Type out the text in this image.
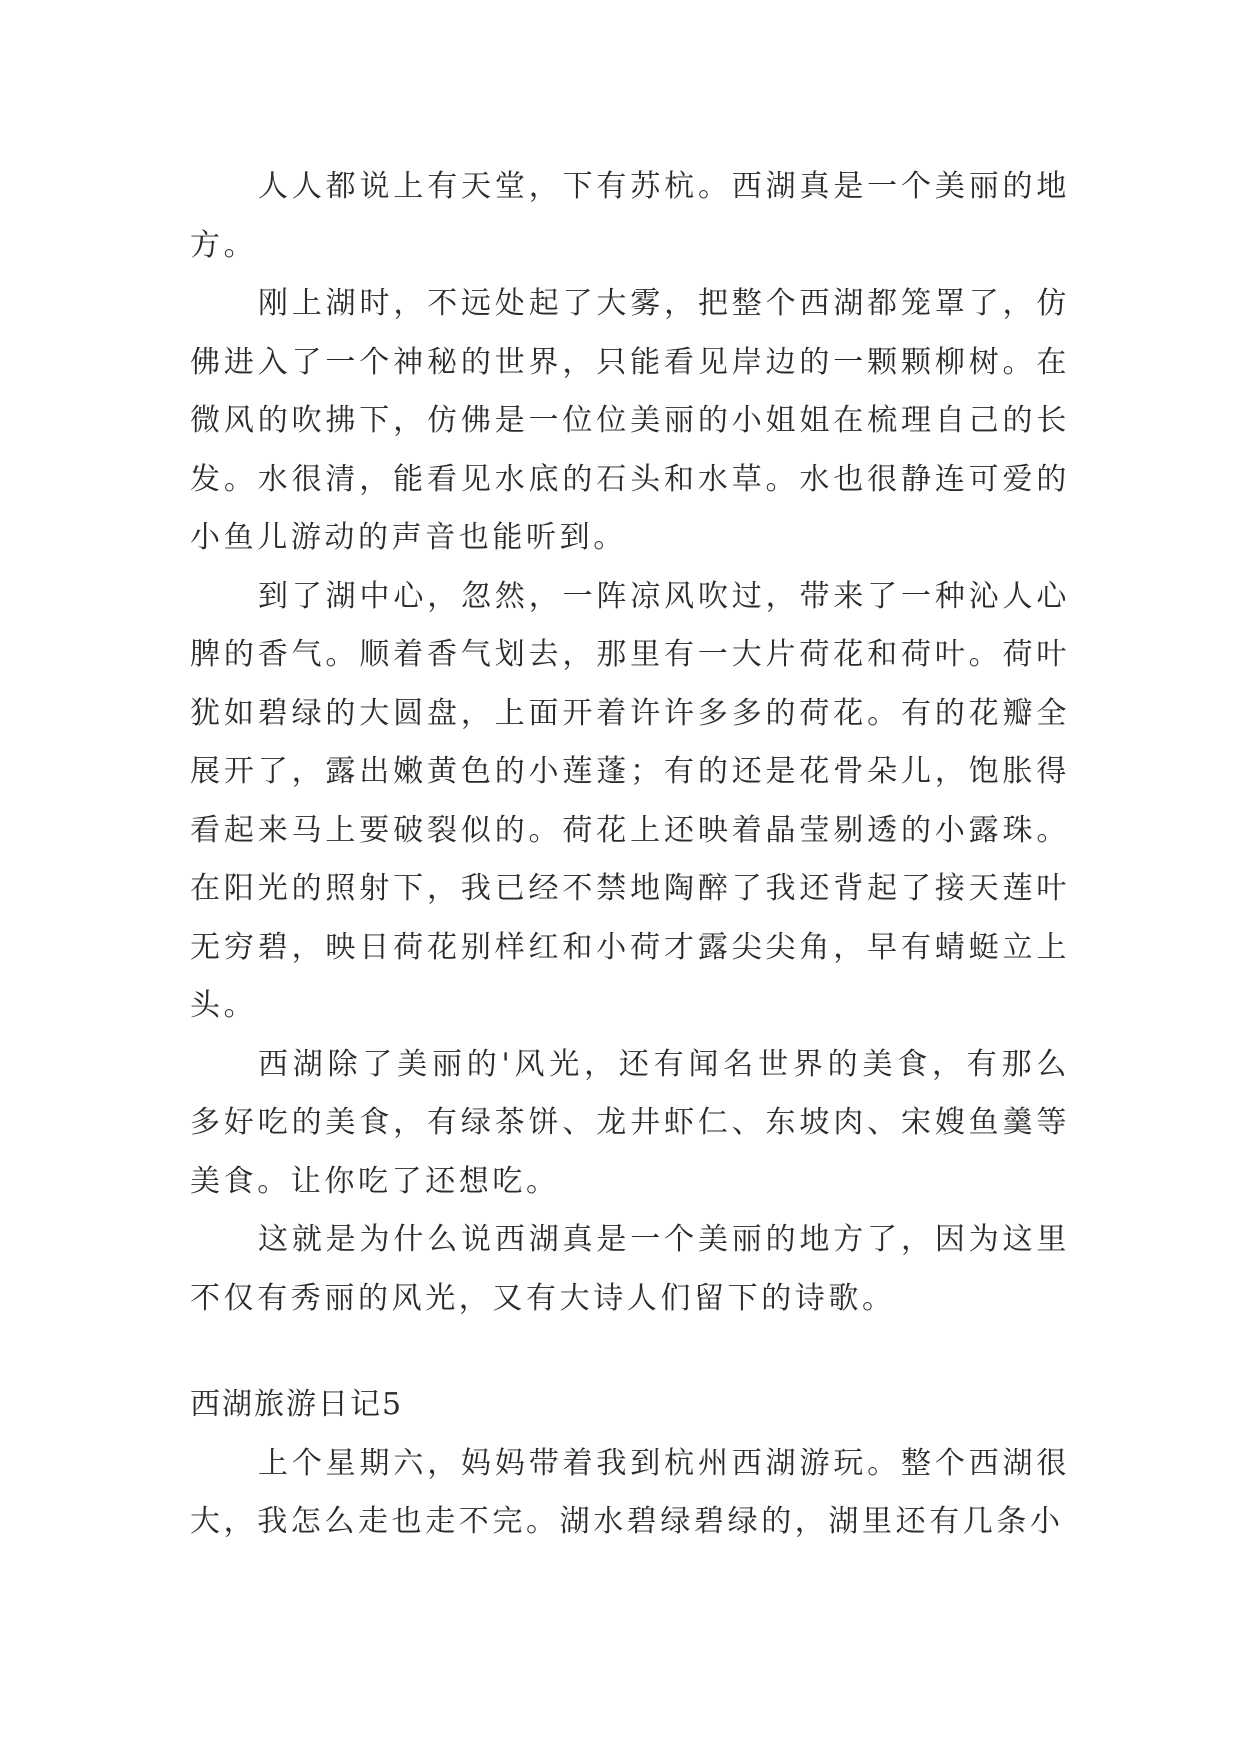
人人都说上有天堂，下有苏杭。西湖真是一个美丽的地方。

刚上湖时，不远处起了大雾，把整个西湖都笼罩了，仿佛进入了一个神秘的世界，只能看见岸边的一颗颗柳树。在微风的吹拂下，仿佛是一位位美丽的小姐姐在梳理自己的长发。水很清，能看见水底的石头和水草。水也很静连可爱的小鱼儿游动的声音也能听到。

到了湖中心，忽然，一阵凉风吹过，带来了一种沁人心脾的香气。顺着香气划去，那里有一大片荷花和荷叶。荷叶犹如碧绿的大圆盘，上面开着许许多多的荷花。有的花瓣全展开了，露出嫩黄色的小莲蓬；有的还是花骨朵儿，饱胀得看起来马上要破裂似的。荷花上还映着晶莹剔透的小露珠。在阳光的照射下，我已经不禁地陶醉了我还背起了接天莲叶无穷碧，映日荷花别样红和小荷才露尖尖角，早有蜻蜓立上头。

西湖除了美丽的'风光，还有闻名世界的美食，有那么多好吃的美食，有绿茶饼、龙井虾仁、东坡肉、宋嫂鱼羹等美食。让你吃了还想吃。

这就是为什么说西湖真是一个美丽的地方了，因为这里不仅有秀丽的风光，又有大诗人们留下的诗歌。

西湖旅游日记5

上个星期六，妈妈带着我到杭州西湖游玩。整个西湖很大，我怎么走也走不完。湖水碧绿碧绿的，湖里还有几条小
